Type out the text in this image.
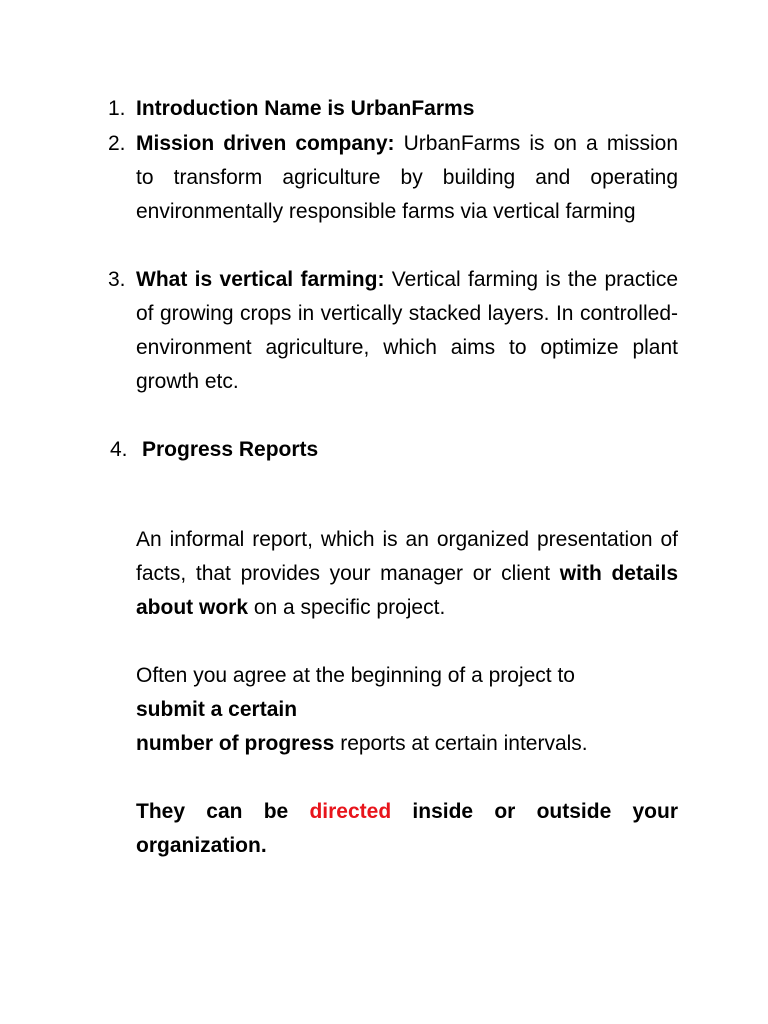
1. Introduction Name is UrbanFarms
2. Mission driven company: UrbanFarms is on a mission to transform agriculture by building and operating environmentally responsible farms via vertical farming
3. What is vertical farming: Vertical farming is the practice of growing crops in vertically stacked layers. In controlled-environment agriculture, which aims to optimize plant growth etc.
4. Progress Reports
An informal report, which is an organized presentation of facts, that provides your manager or client with details about work on a specific project.
Often you agree at the beginning of a project to
submit a certain
number of progress reports at certain intervals.
They can be directed inside or outside your organization.
